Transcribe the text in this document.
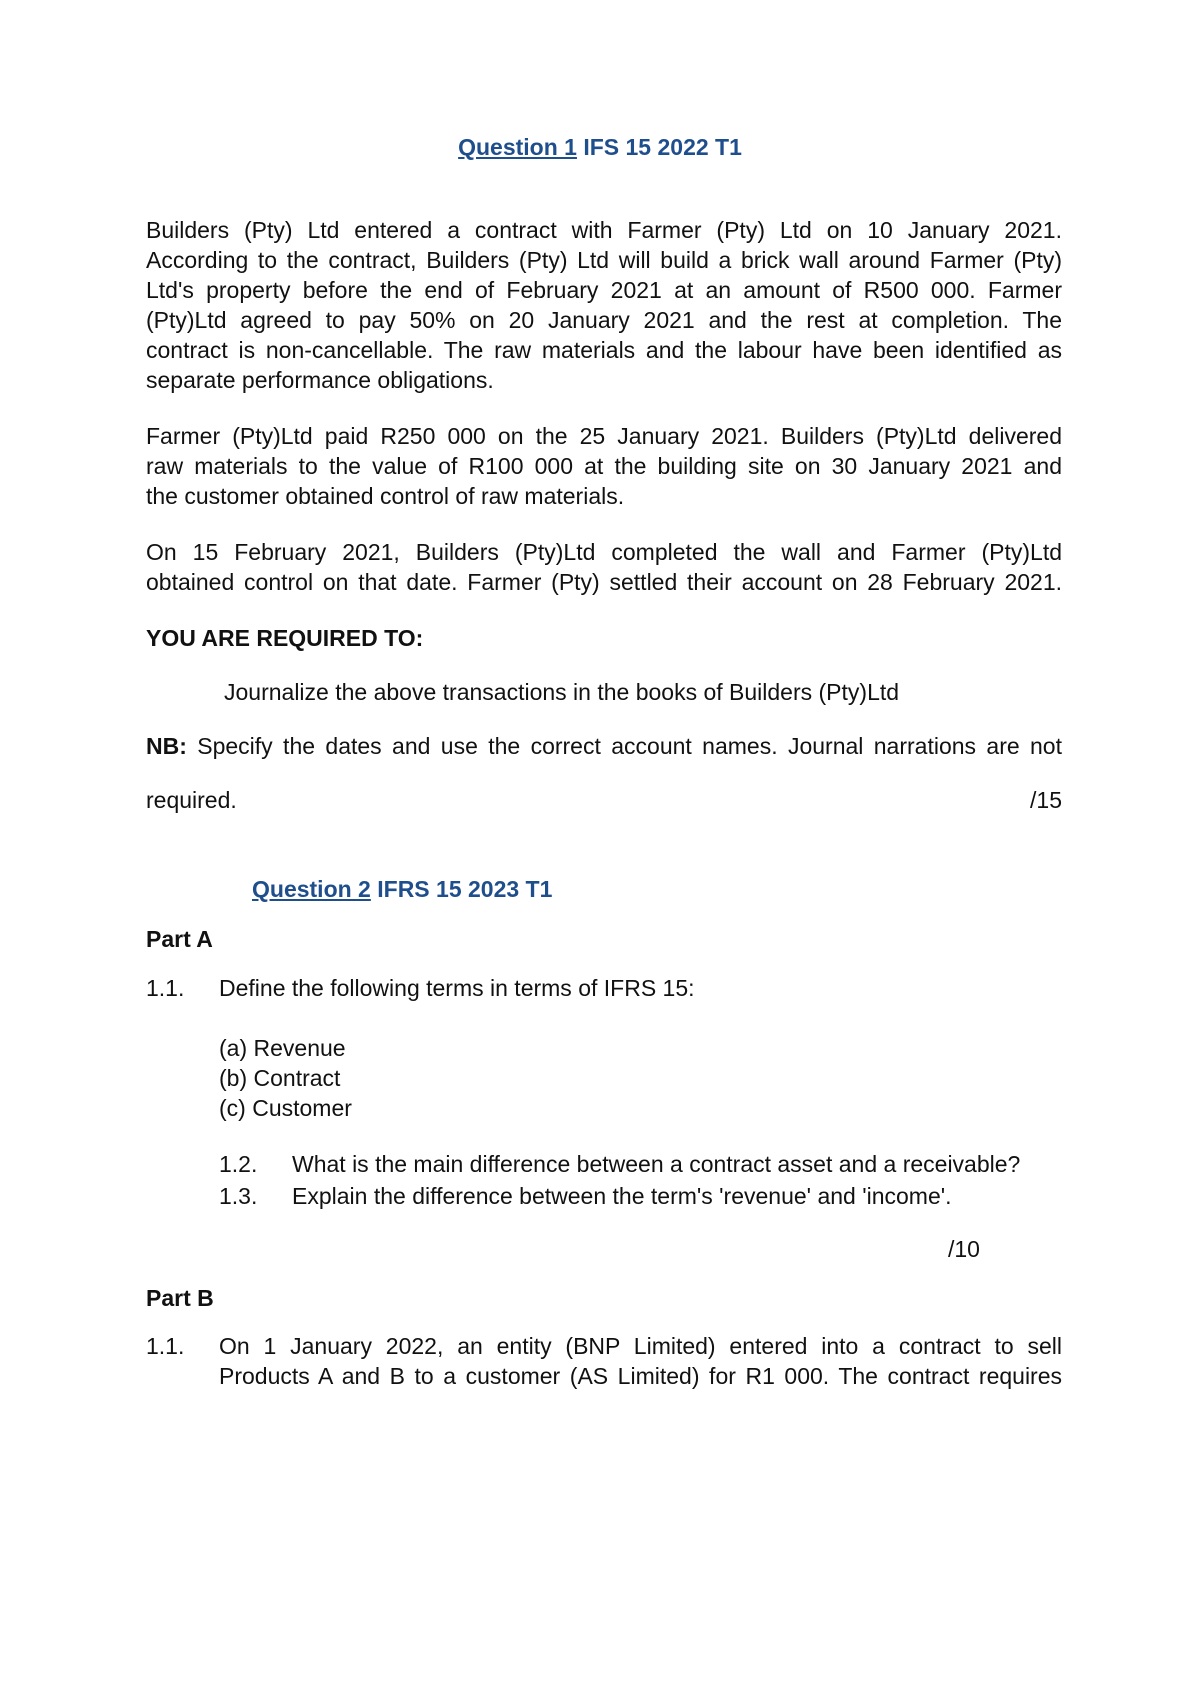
Question 1 IFS 15 2022 T1
Builders (Pty) Ltd entered a contract with Farmer (Pty) Ltd on 10 January 2021.
According to the contract, Builders (Pty) Ltd will build a brick wall around Farmer (Pty)
Ltd's property before the end of February 2021 at an amount of R500 000. Farmer
(Pty)Ltd agreed to pay 50% on 20 January 2021 and the rest at completion. The
contract is non-cancellable. The raw materials and the labour have been identified as
separate performance obligations.
Farmer (Pty)Ltd paid R250 000 on the 25 January 2021. Builders (Pty)Ltd delivered
raw materials to the value of R100 000 at the building site on 30 January 2021 and
the customer obtained control of raw materials.
On 15 February 2021, Builders (Pty)Ltd completed the wall and Farmer (Pty)Ltd
obtained control on that date. Farmer (Pty) settled their account on 28 February 2021.
YOU ARE REQUIRED TO:
Journalize the above transactions in the books of Builders (Pty)Ltd
NB: Specify the dates and use the correct account names. Journal narrations are not
required.	/15
Question 2 IFRS 15 2023 T1
Part A
1.1. Define the following terms in terms of IFRS 15:
(a) Revenue
(b) Contract
(c) Customer
1.2. What is the main difference between a contract asset and a receivable?
1.3. Explain the difference between the term's 'revenue' and 'income'.
/10
Part B
1.1. On 1 January 2022, an entity (BNP Limited) entered into a contract to sell
Products A and B to a customer (AS Limited) for R1 000. The contract requires
